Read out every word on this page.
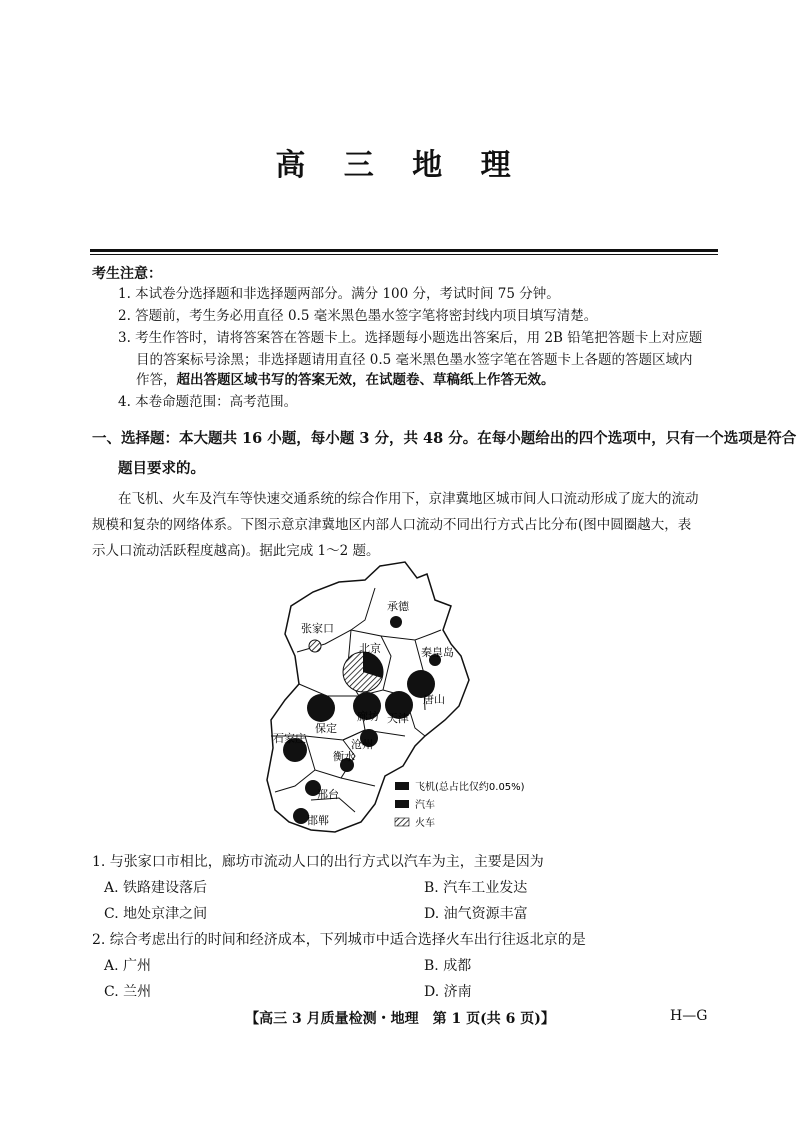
高 三 地 理
考生注意：
1. 本试卷分选择题和非选择题两部分。满分 100 分，考试时间 75 分钟。
2. 答题前，考生务必用直径 0.5 毫米黑色墨水签字笔将密封线内项目填写清楚。
3. 考生作答时，请将答案答在答题卡上。选择题每小题选出答案后，用 2B 铅笔把答题卡上对应题
目的答案标号涂黑；非选择题请用直径 0.5 毫米黑色墨水签字笔在答题卡上各题的答题区域内
作答，超出答题区域书写的答案无效，在试题卷、草稿纸上作答无效。
4. 本卷命题范围：高考范围。
一、选择题：本大题共 16 小题，每小题 3 分，共 48 分。在每小题给出的四个选项中，只有一个选项是符合
题目要求的。
在飞机、火车及汽车等快速交通系统的综合作用下，京津冀地区城市间人口流动形成了庞大的流动
规模和复杂的网络体系。下图示意京津冀地区内部人口流动不同出行方式占比分布(图中圆圈越大，表
示人口流动活跃程度越高)。据此完成 1～2 题。
承德
张家口
北京	秦皇岛
唐山
保定
廊坊 天津
石家庄	沧州
衡水
邢台
邯郸
飞机(总占比仅约0.05%)
汽车
火车
1. 与张家口市相比，廊坊市流动人口的出行方式以汽车为主，主要是因为
A. 铁路建设落后	B. 汽车工业发达
C. 地处京津之间	D. 油气资源丰富
2. 综合考虑出行的时间和经济成本，下列城市中适合选择火车出行往返北京的是
A. 广州	B. 成都
C. 兰州	D. 济南
【高三 3 月质量检测・地理　第 1 页(共 6 页)】	H—G
